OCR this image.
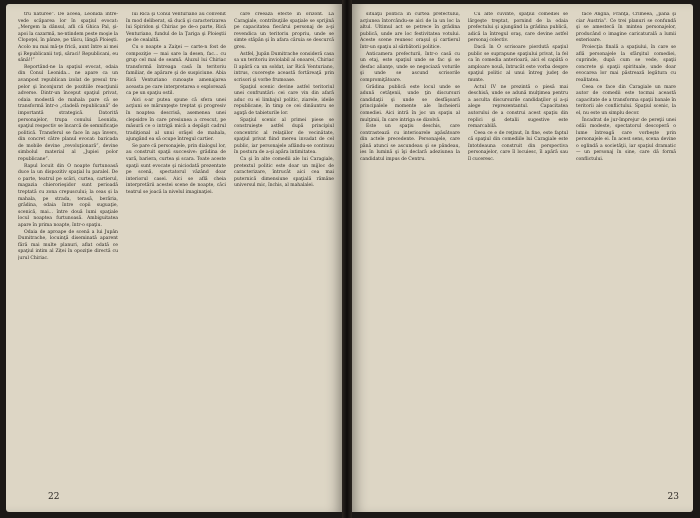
tru naturee”. De aceea, Leonida întrevede scăparea lor în spaţiul evocat: „Mergem la dânsul, afli că Ghica Pal, şi-apoi la cazarmă, ne-ntindem peste moşie la Clopoţei, în pânze, pe tăicu, lângă Ploieşti. Acolo nu mai mă-ţe frică, aunt între ai mei şi Republicanii toţi, săraci! Republicani, eu sănă!!”

Reportând-ne la spaţiul evocat, odaia din Conul Leonida... ne apare ca un avanpost republican izolat de presul trupelor şi înconjurat de pozitiile reacţiunii adverse. Dintr-un început spaţiul privat, odaia modestă de mahala pare că se transformă într-o „cladelă republicană” de importantă strategică. Datorită personajelor, trupa conului Leonida, spaţiul respectiv se încarcă de semnificaţie politică. Transferul se face în aşa învers, din concret către planul evocat: baricada de mobile devine „revoluţionară”, devine simbolul material al „Jupiei polor republicane”.

Rapul locuit din O noapte furtunoasă duce la un dispozitiv spaţial lu paralel. De o parte, teatrul pe scări, curtea, cartierul, magazia chierorieşidor sunt perioadă treptată cu zona crepuscului; la ceas și la mahala, pe strada, terasă, berăria, grădina, odaia între copii suguaţie, scenică, mai... între două lumi spaţiale locul noaptea furtunoasă. Ambiguitatea apare în prima noapte, într-o spaţiu.

Odaia de aproape de scenă a lui Jupân Dumitrache, locuinţă diseminată aparent fără mai multe planuri, aflat odată ce spaţiul intim al Ziței în opoziţie directă cu jurul Chiriac.

lui Rică şi Conul Venturiano au convenit în mod deliberat, să ducă şi caracterizarea lui Spiridon şi Chiriac pe de-o parte, Rică Venturiano, fundul de la Ţariga şi Ploieştii pe de cealaltă.

Cu o noapte a Zaiţei — carte-n fost de compoziţie — mai sare la desen, fac... cu grup cel mai de seamă. Aluzul lui Chiriac transformă întreaga casă în teritoriu familiar, de apărare şi de suspiciune. Abia Rică Venturiano cunoaşte amenajarea aceasta pe care interpretarea o explorează ca pe un spaţiu ostil.

Aici s-ar putea spune că sfera unei acţiuni se mărunţeşte treptat şi progresiv în noaptea descrisă, asemenea unei clepsidre în care presiunea a crescut, pe măsură ce o intrigă mică a depăşit cadrul tradiţional al unui orăşel de mahala, ajungând ea să ocupe întregul cartier.

Se pare că personajele, prin dialogul lor, au construit spaţii succesive: grădina de vară, bariera, curtea și scara. Toate aceste spaţii sunt evocate şi niciodată prezentate pe scenă, spectatorul văzând doar interiorul casei. Aici se află cheia interpretării acestei scene de noapte, căci teatrul se joacă la nivelul imaginaţiei.

care creează efecte în orizont. La Caragiale, contribuţiile spaţiale se sprijină pe capacitatea fiecărui personaj de a-şi revendica un teritoriu propriu, unde se simte stăpân şi în afara căruia se descurcă greu.

Astfel, Jupân Dumitrache consideră casa sa un teritoriu inviolabil al onoarei, Chiriac îl apără ca un soldat, iar Rică Venturiano, intrus, cucereşte această fortăreaţă prin scrisori şi vorbe frumoase.

Spaţiul scenic devine astfel teritoriul unei confruntări: cei care vin din afară aduc cu ei limbajul politic, ziarele, ideile republicane, în timp ce cei dinăuntru se agaţă de tabieturile lor.

Spaţiul scenic al primei piese se construieşte astfel după principiul concentric al relaţiilor de vecinătate, spaţiul privat fiind mereu invadat de cel public, iar personajele aflându-se continuu în postura de a-şi apăra intimitatea.

Ca şi în alte comedii ale lui Caragiale, pretextul politic este doar un mijloc de caracterizare, întrucât aici cea mai puternică dimensiune spaţială rămâne universul mic, închis, al mahalalei.

22

situaţii politică în curtea prefectului, acţiunea întorcându-se aici de la un loc la altul. Ultimul act se petrece în grădina publică, unde are loc festivitatea votului. Aceste scene reunesc oraşul şi cartierul într-un spaţiu al sărbătorii politice.

Anticamera prefecturii, într-o casă cu un etaj, este spaţiul unde se fac şi se desfac alianţe, unde se negociază voturile şi unde se ascund scrisorile compromiţătoare.

Grădina publică este locul unde se adună cetăţenii, unde ţin discursuri candidaţii şi unde se desfăşoară principalele momente ale încheierii comediei. Aici intră în joc un spaţiu al mulţimii, în care intriga se dizolvă.

Este un spaţiu deschis, care contrastează cu interioarele apăsătoare din actele precedente. Personajele, care până atunci se ascundeau şi se pândeau, ies în lumină şi îşi declară adeziunea la candidatul impus de Centru.

Cu alte cuvinte, spaţiul comediei se lărgeşte treptat, pornind de la odaia prefectului şi ajungând la grădina publică, adică la întregul oraş, care devine astfel personaj colectiv.

Dacă în O scrisoare pierdută spaţiul public se suprapune spaţiului privat, la fel ca în comedia anterioară, aici el capătă o amploare nouă, întrucât este vorba despre spaţiul politic al unui întreg judeţ de munte.

Actul IV ne prezintă o piesă mai deschisă, unde se adună mulţimea pentru a asculta discursurile candidaţilor şi a-şi alege reprezentantul. Capacitatea autorului de a construi acest spaţiu din replici şi detalii sugestive este remarcabilă.

Ceea ce e de reţinut, în fine, este faptul că spaţiul din comediile lui Caragiale este întotdeauna construit din perspectiva personajelor, care îl locuiesc, îl apără sau îl cuceresc.

face Anglia, Franţa, Crimeea, „până şi ciar Austria”. Ce trei planuri se confundă şi se amestecă în mintea personajelor, producând o imagine caricaturală a lumii exterioare.

Proiecţia finală a spaţiului, în care se află personajele la sfârşitul comediei, cuprinde, după cum se vede, spaţii concrete şi spaţii spirituale, unde doar evocarea lor mai păstrează legătura cu realitatea.

Ceea ce face din Caragiale un mare autor de comedii este tocmai această capacitate de a transforma spaţii banale în teritorii ale conflictului. Spaţiul scenic, la el, nu este un simplu decor.

Încadrat de jur-împrejur de pereţii unei odăi modeste, spectatorul descoperă o lume întreagă care vorbeşte prin personajele ei. În acest sens, scena devine o oglindă a societăţii, iar spaţiul dramatic — un personaj în sine, care dă formă conflictului.

23
